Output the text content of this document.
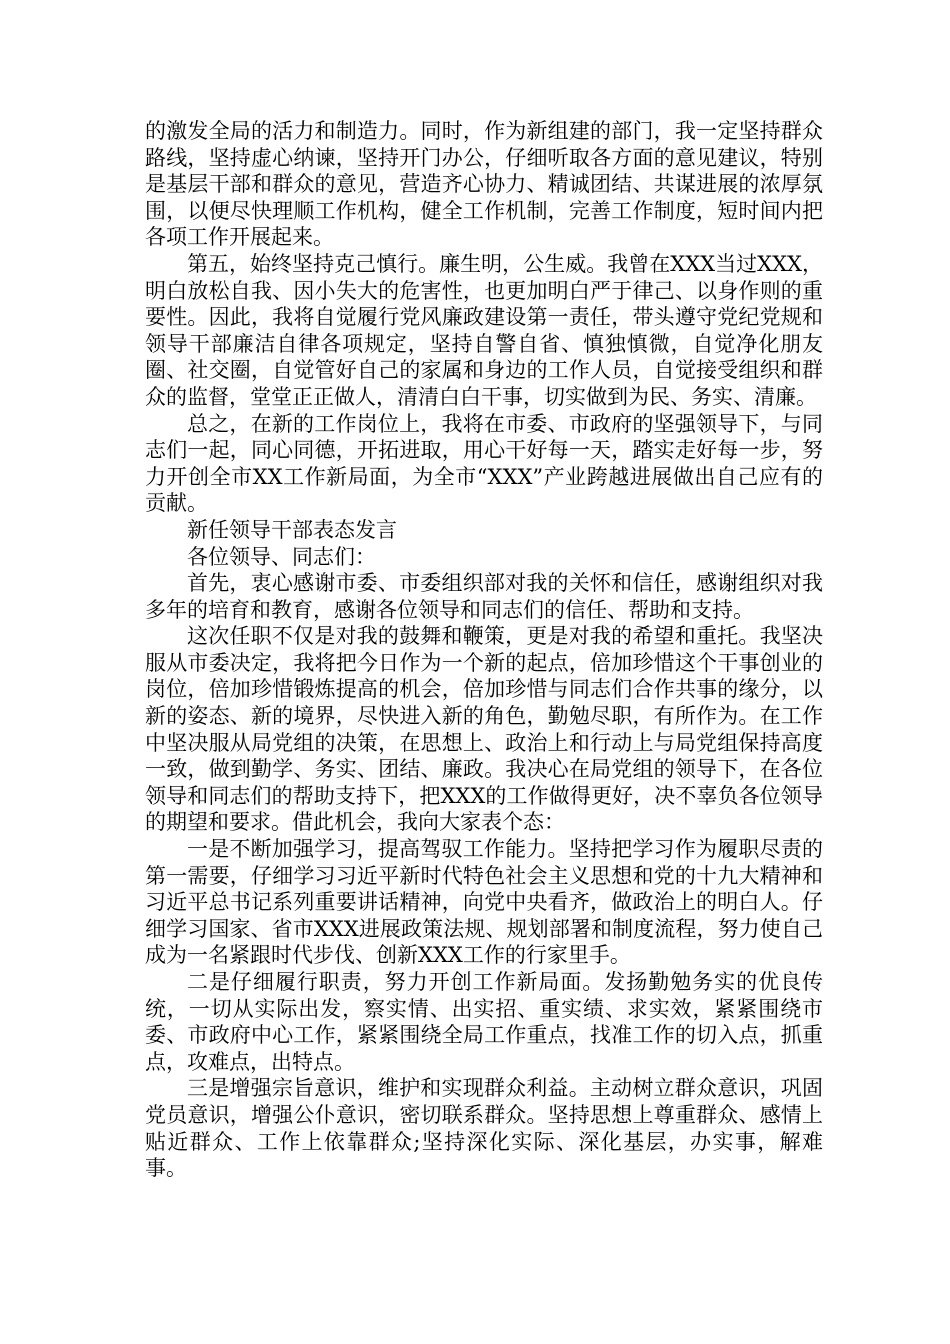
的激发全局的活力和制造力。同时，作为新组建的部门，我一定坚持群众路线，坚持虚心纳谏，坚持开门办公，仔细听取各方面的意见建议，特别是基层干部和群众的意见，营造齐心协力、精诚团结、共谋进展的浓厚氛围，以便尽快理顺工作机构，健全工作机制，完善工作制度，短时间内把各项工作开展起来。

第五，始终坚持克己慎行。廉生明，公生威。我曾在XXX当过XXX，明白放松自我、因小失大的危害性，也更加明白严于律己、以身作则的重要性。因此，我将自觉履行党风廉政建设第一责任，带头遵守党纪党规和领导干部廉洁自律各项规定，坚持自警自省、慎独慎微，自觉净化朋友圈、社交圈，自觉管好自己的家属和身边的工作人员，自觉接受组织和群众的监督，堂堂正正做人，清清白白干事，切实做到为民、务实、清廉。

总之，在新的工作岗位上，我将在市委、市政府的坚强领导下，与同志们一起，同心同德，开拓进取，用心干好每一天，踏实走好每一步，努力开创全市XX工作新局面，为全市“XXX”产业跨越进展做出自己应有的贡献。

新任领导干部表态发言

各位领导、同志们：

首先，衷心感谢市委、市委组织部对我的关怀和信任，感谢组织对我多年的培育和教育，感谢各位领导和同志们的信任、帮助和支持。

这次任职不仅是对我的鼓舞和鞭策，更是对我的希望和重托。我坚决服从市委决定，我将把今日作为一个新的起点，倍加珍惜这个干事创业的岗位，倍加珍惜锻炼提高的机会，倍加珍惜与同志们合作共事的缘分，以新的姿态、新的境界，尽快进入新的角色，勤勉尽职，有所作为。在工作中坚决服从局党组的决策，在思想上、政治上和行动上与局党组保持高度一致，做到勤学、务实、团结、廉政。我决心在局党组的领导下，在各位领导和同志们的帮助支持下，把XXX的工作做得更好，决不辜负各位领导的期望和要求。借此机会，我向大家表个态：

一是不断加强学习，提高驾驭工作能力。坚持把学习作为履职尽责的第一需要，仔细学习习近平新时代特色社会主义思想和党的十九大精神和习近平总书记系列重要讲话精神，向党中央看齐，做政治上的明白人。仔细学习国家、省市XXX进展政策法规、规划部署和制度流程，努力使自己成为一名紧跟时代步伐、创新XXX工作的行家里手。

二是仔细履行职责，努力开创工作新局面。发扬勤勉务实的优良传统，一切从实际出发，察实情、出实招、重实绩、求实效，紧紧围绕市委、市政府中心工作，紧紧围绕全局工作重点，找准工作的切入点，抓重点，攻难点，出特点。

三是增强宗旨意识，维护和实现群众利益。主动树立群众意识，巩固党员意识，增强公仆意识，密切联系群众。坚持思想上尊重群众、感情上贴近群众、工作上依靠群众;坚持深化实际、深化基层，办实事，解难事。
